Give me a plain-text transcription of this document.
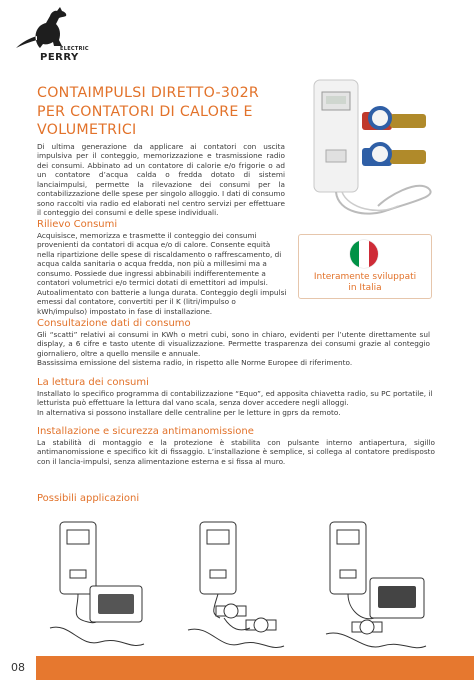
ELECTRIC
PERRY
CONTAIMPULSI DIRETTO-302R
PER CONTATORI DI CALORE E
VOLUMETRICI

Di ultima generazione da applicare ai contatori con uscita impulsiva per il conteggio, memorizzazione e trasmissione radio dei consumi. Abbinato ad un contatore di calorie e/o frigorie o ad un contatore d’acqua calda o fredda dotato di sistemi lanciaimpulsi, permette la rilevazione dei consumi per la contabilizzazione delle spese per singolo alloggio. I dati di consumo sono raccolti via radio ed elaborati nel centro servizi per effettuare il conteggio dei consumi e delle spese individuali.

Rilievo Consumi

Acquisisce, memorizza e trasmette il conteggio dei consumi provenienti da contatori di acqua e/o di calore. Consente equità nella ripartizione delle spese di riscaldamento o raffrescamento, di acqua calda sanitaria o acqua fredda, non più a millesimi ma a consumo. Possiede due ingressi abbinabili indifferentemente a contatori volumetrici e/o termici dotati di emettitori ad impulsi. Autoalimentato con batterie a lunga durata. Conteggio degli impulsi emessi dal contatore, convertiti per il K (litri/impulso o kWh/impulso) impostato in fase di installazione.

Interamente sviluppati
in Italia
Consultazione dati di consumo

Gli “scatti” relativi ai consumi in KWh o metri cubi, sono in chiaro, evidenti per l’utente direttamente sul display, a 6 cifre e tasto utente di visualizzazione. Permette trasparenza dei consumi grazie al conteggio giornaliero, oltre a quello mensile e annuale.

Bassissima emissione del sistema radio, in rispetto alle Norme Europee di riferimento.

La lettura dei consumi

Installato lo specifico programma di contabilizzazione “Equo”, ed apposita chiavetta radio, su PC portatile, il letturista può effettuare la lettura dal vano scala, senza dover accedere negli alloggi.

In alternativa si possono installare delle centraline per le letture in gprs da remoto.

Installazione e sicurezza antimanomissione

La stabilità di montaggio e la protezione è stabilita con pulsante interno antiapertura, sigillo antimanomissione e specifico kit di fissaggio. L’installazione è semplice, si collega al contatore predisposto con il lancia-impulsi, senza alimentazione esterna e si fissa al muro.

Possibili applicazioni
08
